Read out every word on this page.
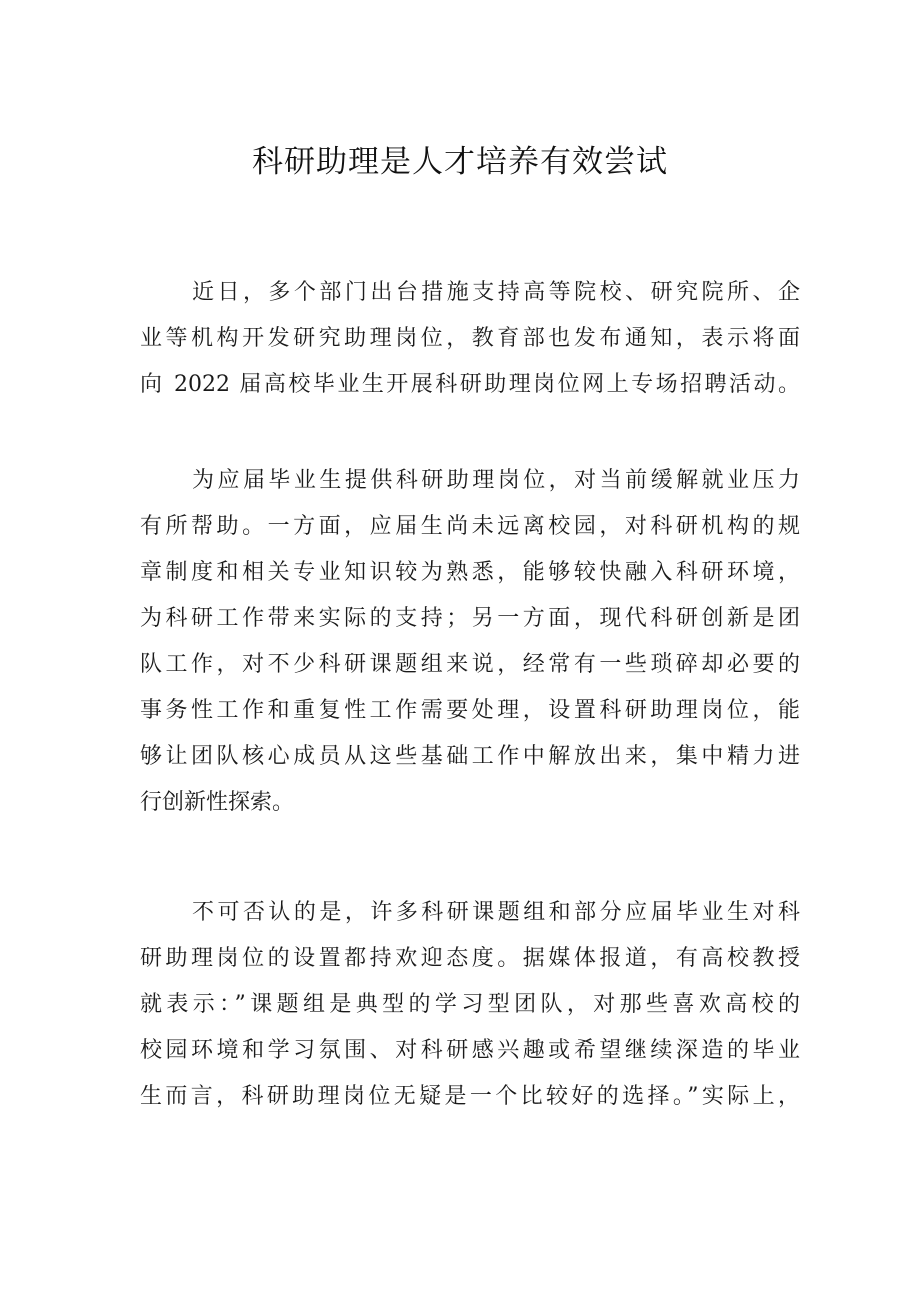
科研助理是人才培养有效尝试
近日，多个部门出台措施支持高等院校、研究院所、企
业等机构开发研究助理岗位，教育部也发布通知，表示将面
向 2022 届高校毕业生开展科研助理岗位网上专场招聘活动。
为应届毕业生提供科研助理岗位，对当前缓解就业压力
有所帮助。一方面，应届生尚未远离校园，对科研机构的规
章制度和相关专业知识较为熟悉，能够较快融入科研环境，
为科研工作带来实际的支持；另一方面，现代科研创新是团
队工作，对不少科研课题组来说，经常有一些琐碎却必要的
事务性工作和重复性工作需要处理，设置科研助理岗位，能
够让团队核心成员从这些基础工作中解放出来，集中精力进
行创新性探索。
不可否认的是，许多科研课题组和部分应届毕业生对科
研助理岗位的设置都持欢迎态度。据媒体报道，有高校教授
就表示：”课题组是典型的学习型团队，对那些喜欢高校的
校园环境和学习氛围、对科研感兴趣或希望继续深造的毕业
生而言，科研助理岗位无疑是一个比较好的选择。”实际上，
